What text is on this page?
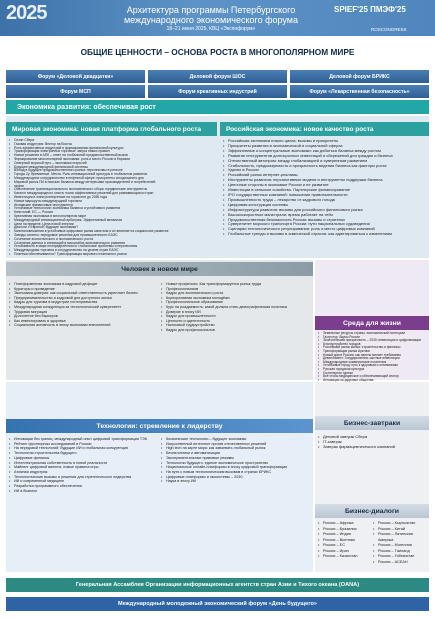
2025	Архитектура программы Петербургского
международного экономического форума
18–21 июня 2025, КВЦ «Экспофорум»
SPIEF'25 ПМЭФ'25
ROSCONGRESS
ОБЩИЕ ЦЕННОСТИ – ОСНОВА РОСТА В МНОГОПОЛЯРНОМ МИРЕ
Форум «Деловой двадцатки»	Деловой форум ШОС	Деловой форум БРИКС
Форум МСП	Форум креативных индустрий	Форум «Лекарственная безопасность»
Экономика развития: обеспечивая рост
Мировая экономика: новая платформа глобального роста	Российская экономика: новое качество роста
• Сезон Сбера
• Газовая индустрия: Вектор на Восток
• Роль эффективных индустрий в формировании финансовой культуры
• Трансформация электронных торговых: запуск новых правил
• Новые решения в АПК – ответ на глобальный продовольственный вызов
• Формирование многополярной экономики: роль и место России в Евразии
• Северный морской путь – экономика открытий
• Будущее международной финансовой системы
• Взгляд в будущее продовольственного рынка: перспективы в регионе
• Города 2у: Времянные. Мечта. Роль инновационной культуры в глобальном развитии
• Международное сотрудничество в нефтяной сфере: приоритеты сегодняшнего дня
• Мировой рынок ПИ в поисках баланса между интересами производителей и потребителей
• нефти
• Обеспечение транснационального экономического сбора: юридические инструменты
• Каталог международного опыта: поиск эффективных решений для развивающихся стран
• Инвестиции в электроэнергетике на горизонте до 2050 года
• Новые маршруты международной торговли
• Исламские финансовые инструменты
• Устойчивые технологии: экономика баланса и устойчивого развития
• Кэпитолий: ЕС — Россия
• Креативная экономика в многополярном мире
• Международный инновационный арбитраж. Эффективный механизм
• Цели на пределе. Цена новой энергии
• Диалоги с Европой: будущее экономики?
• Капиталовложения в устойчивые цифровые рынки капитала и их влияние на социальное развитие
• Заводы-гиганты: передовые решения для промышленности ЕАЭС
• Сочетание экологического и экономического роста
• Сочетание данных и инноваций в масштабах экономического развития
• Устойчивость в мире неопределённости: глобальные проблемы и перспективы
• Международная торговля и сотрудничество на уровне стран ЕАЭС
• Платежи обеспечиваются? Трансформация мирового платежного рынка
• Российская экономика нового цикла: вызовы и приоритеты
• Приоритеты развития в экономической и социальной сферах
• Эффективные и концептуальные экономики: как добиться баланса между ростом
• Развитие инструментов долгосрочных инвестиций и сбережений для граждан и бизнеса
• Отечественный автопром: между глобализацией и суверенным развитием
• Стабильность, предсказуемость и прозрачность ведения бизнеса как факторы роста
• Удачно в России
• Российский рынок интернет-рекламы
• Инструменты развития: перспективные модели и инструменты поддержки бизнеса
• Цепочные стороны в экономике России и ее развитие
• Инвестиции в сельское хозяйство. Партнерские финансирование
• IPO государственных компаний: повышение привлекательности
• Промышленность труда – лекарство от кадрового голода
• Цифровая конструкция системы
• Инфраструктура развития: вызовы для российского финансового рынка
• Высокоскоростные магистрали: время работает на тебя
• Продовольственная безопасность России: вызовы и стратегии
• Суверенитет морского транспорта России: пути национальных судоведения
• Сценарии технологического регулирования: роль и место цифровых компаний
• Глобальные тренды и вызовы в химической отрасли: как адаптироваться к изменениям
Человек в новом мире
• Платформенная экономика в кадровой дефицит
• Кураторы и проведение
• Экономика доверия: как социальный ответственность укрепляет бизнес
• Предпринимательство и кадровой для доступного жилья
• Кадры для туризма в индустрии гостеприимства
• Международная конкуренция за технологический суверенитет
• Трудовая миграция
• Долголетие без барьеров
• Как инвестировать в здоровье
• Социальная активность в эпоху экономики впечатлений
• Новые профессии. Как трансформируется рынок труда
• Профессионализм
• Кадры для экономического роста
• Корпоративная экономика молодёжи
• Профессиональное образование
• Курс на рождаемость: какой должна стать демографическая политика
• Доверие в эпоху ИИ
• Кадры для промышленности
• Ценности и идентичность
• Налоговый трудоустройство
• Кадры для профессионалов
Среда для жизни
• Земельные ресурсы страны: экономический потенциал
• Гастротур. Вкусы России
• Экологическая прозрачность – 2030: инвестиции и цифровизация
• Благоустройство городов
• Российский рынок жилья: строительство и финансы
• Трансформация рынка Арктики
• Новый дом в России: как панель меняет требования
• Девелопмент: Государственно-частные инвестиции
• Международные коммерческие поселения
• Устойчивые город: путь к здоровым и оптимизмам
• Русская городская культура
• Гостиничная туризм
• Всё чтобы медицинское и обеспечивающий сектор
• Инновации за здоровье общества
Технологии: стремление к лидерству
• Инновации без границ: международный опыт цифровой трансформации ТЭК
• Рейтинг фронтирных исследований в России
• На передовой технологий: будущие ИИ и глобальная конкуренция
• Технология строительства будущего
• Цифровые финансы
• Интеллектуальная собственность в новой реальности
• Майнинг цифровой валюты: новые правила игры
• Атомная индустрия
• Технологические вызовы и решения для стратегического лидерства
• ИИ и современной медицине
• Разработка программного обеспечения
• ИИ в бизнесе
• Космические технологии – будущее экономики
• Искусственный интеллект против отечественных решений
• High tech на карте мира: как завоевать глобальный рынок
• Беспилотники и автоматизация
• Экспериментальные правовые режимы
• Технологии будущего: единое экономическое пространство
• Национальные онлайн-платформы в эпоху цифровой трансформации
• На пути к новым технологическим вызовам в странах БРИКС
• Цифровые платформы и экосистемы – 2030
• Наука в эпоху ИИ
Бизнес-завтраки
• Деловой завтрак Сбера
• IT-завтрак
• Завтрак фармацевтического компаний
Бизнес-диалоги
• Россия – Африка
• Россия – Бразилия
• Россия – Индия
• Россия – Вьетнам
• Россия – ЕС
• Россия – Иран
• Россия – Казахстан
• Россия – Кыргызстан
• Россия – Китай
• Россия – Латинская Америка
• Россия – Монголия
• Россия – Таиланд
• Россия – Узбекистан
• Россия – АСЕАН
Генеральная Ассамблея Организации информационных агентств стран Азии и Тихого океана (OANA)
Международный молодежный экономический форум «День будущего»
